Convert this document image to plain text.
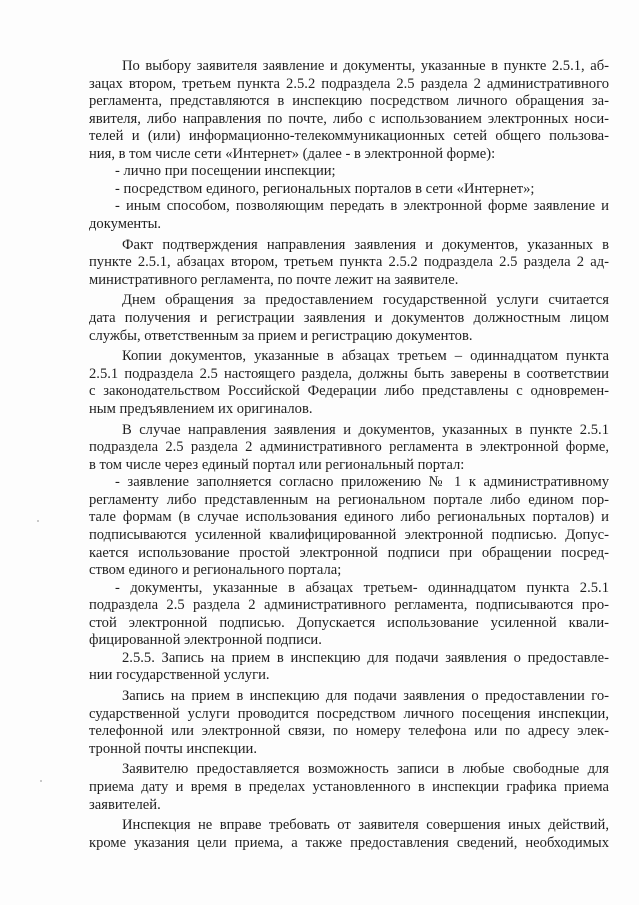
По выбору заявителя заявление и документы, указанные в пункте 2.5.1, аб-
зацах втором, третьем пункта 2.5.2 подраздела 2.5 раздела 2 административного
регламента, представляются в инспекцию посредством личного обращения за-
явителя, либо направления по почте, либо с использованием электронных носи-
телей и (или) информационно-телекоммуникационных сетей общего пользова-
ния, в том числе сети «Интернет» (далее - в электронной форме):
- лично при посещении инспекции;
- посредством единого, региональных порталов в сети «Интернет»;
- иным способом, позволяющим передать в электронной форме заявление и
документы.
Факт подтверждения направления заявления и документов, указанных в
пункте 2.5.1, абзацах втором, третьем пункта 2.5.2 подраздела 2.5 раздела 2 ад-
министративного регламента, по почте лежит на заявителе.
Днем обращения за предоставлением государственной услуги считается
дата получения и регистрации заявления и документов должностным лицом
службы, ответственным за прием и регистрацию документов.
Копии документов, указанные в абзацах третьем – одиннадцатом пункта
2.5.1 подраздела 2.5 настоящего раздела, должны быть заверены в соответствии
с законодательством Российской Федерации либо представлены с одновремен-
ным предъявлением их оригиналов.
В случае направления заявления и документов, указанных в пункте 2.5.1
подраздела 2.5 раздела 2 административного регламента в электронной форме,
в том числе через единый портал или региональный портал:
- заявление заполняется согласно приложению № 1 к административному
регламенту либо представленным на региональном портале либо едином пор-
тале формам (в случае использования единого либо региональных порталов) и
подписываются усиленной квалифицированной электронной подписью. Допус-
кается использование простой электронной подписи при обращении посред-
ством единого и регионального портала;
- документы, указанные в абзацах третьем- одиннадцатом пункта 2.5.1
подраздела 2.5 раздела 2 административного регламента, подписываются про-
стой электронной подписью. Допускается использование усиленной квали-
фицированной электронной подписи.
2.5.5. Запись на прием в инспекцию для подачи заявления о предоставле-
нии государственной услуги.
Запись на прием в инспекцию для подачи заявления о предоставлении го-
сударственной услуги проводится посредством личного посещения инспекции,
телефонной или электронной связи, по номеру телефона или по адресу элек-
тронной почты инспекции.
Заявителю предоставляется возможность записи в любые свободные для
приема дату и время в пределах установленного в инспекции графика приема
заявителей.
Инспекция не вправе требовать от заявителя совершения иных действий,
кроме указания цели приема, а также предоставления сведений, необходимых
